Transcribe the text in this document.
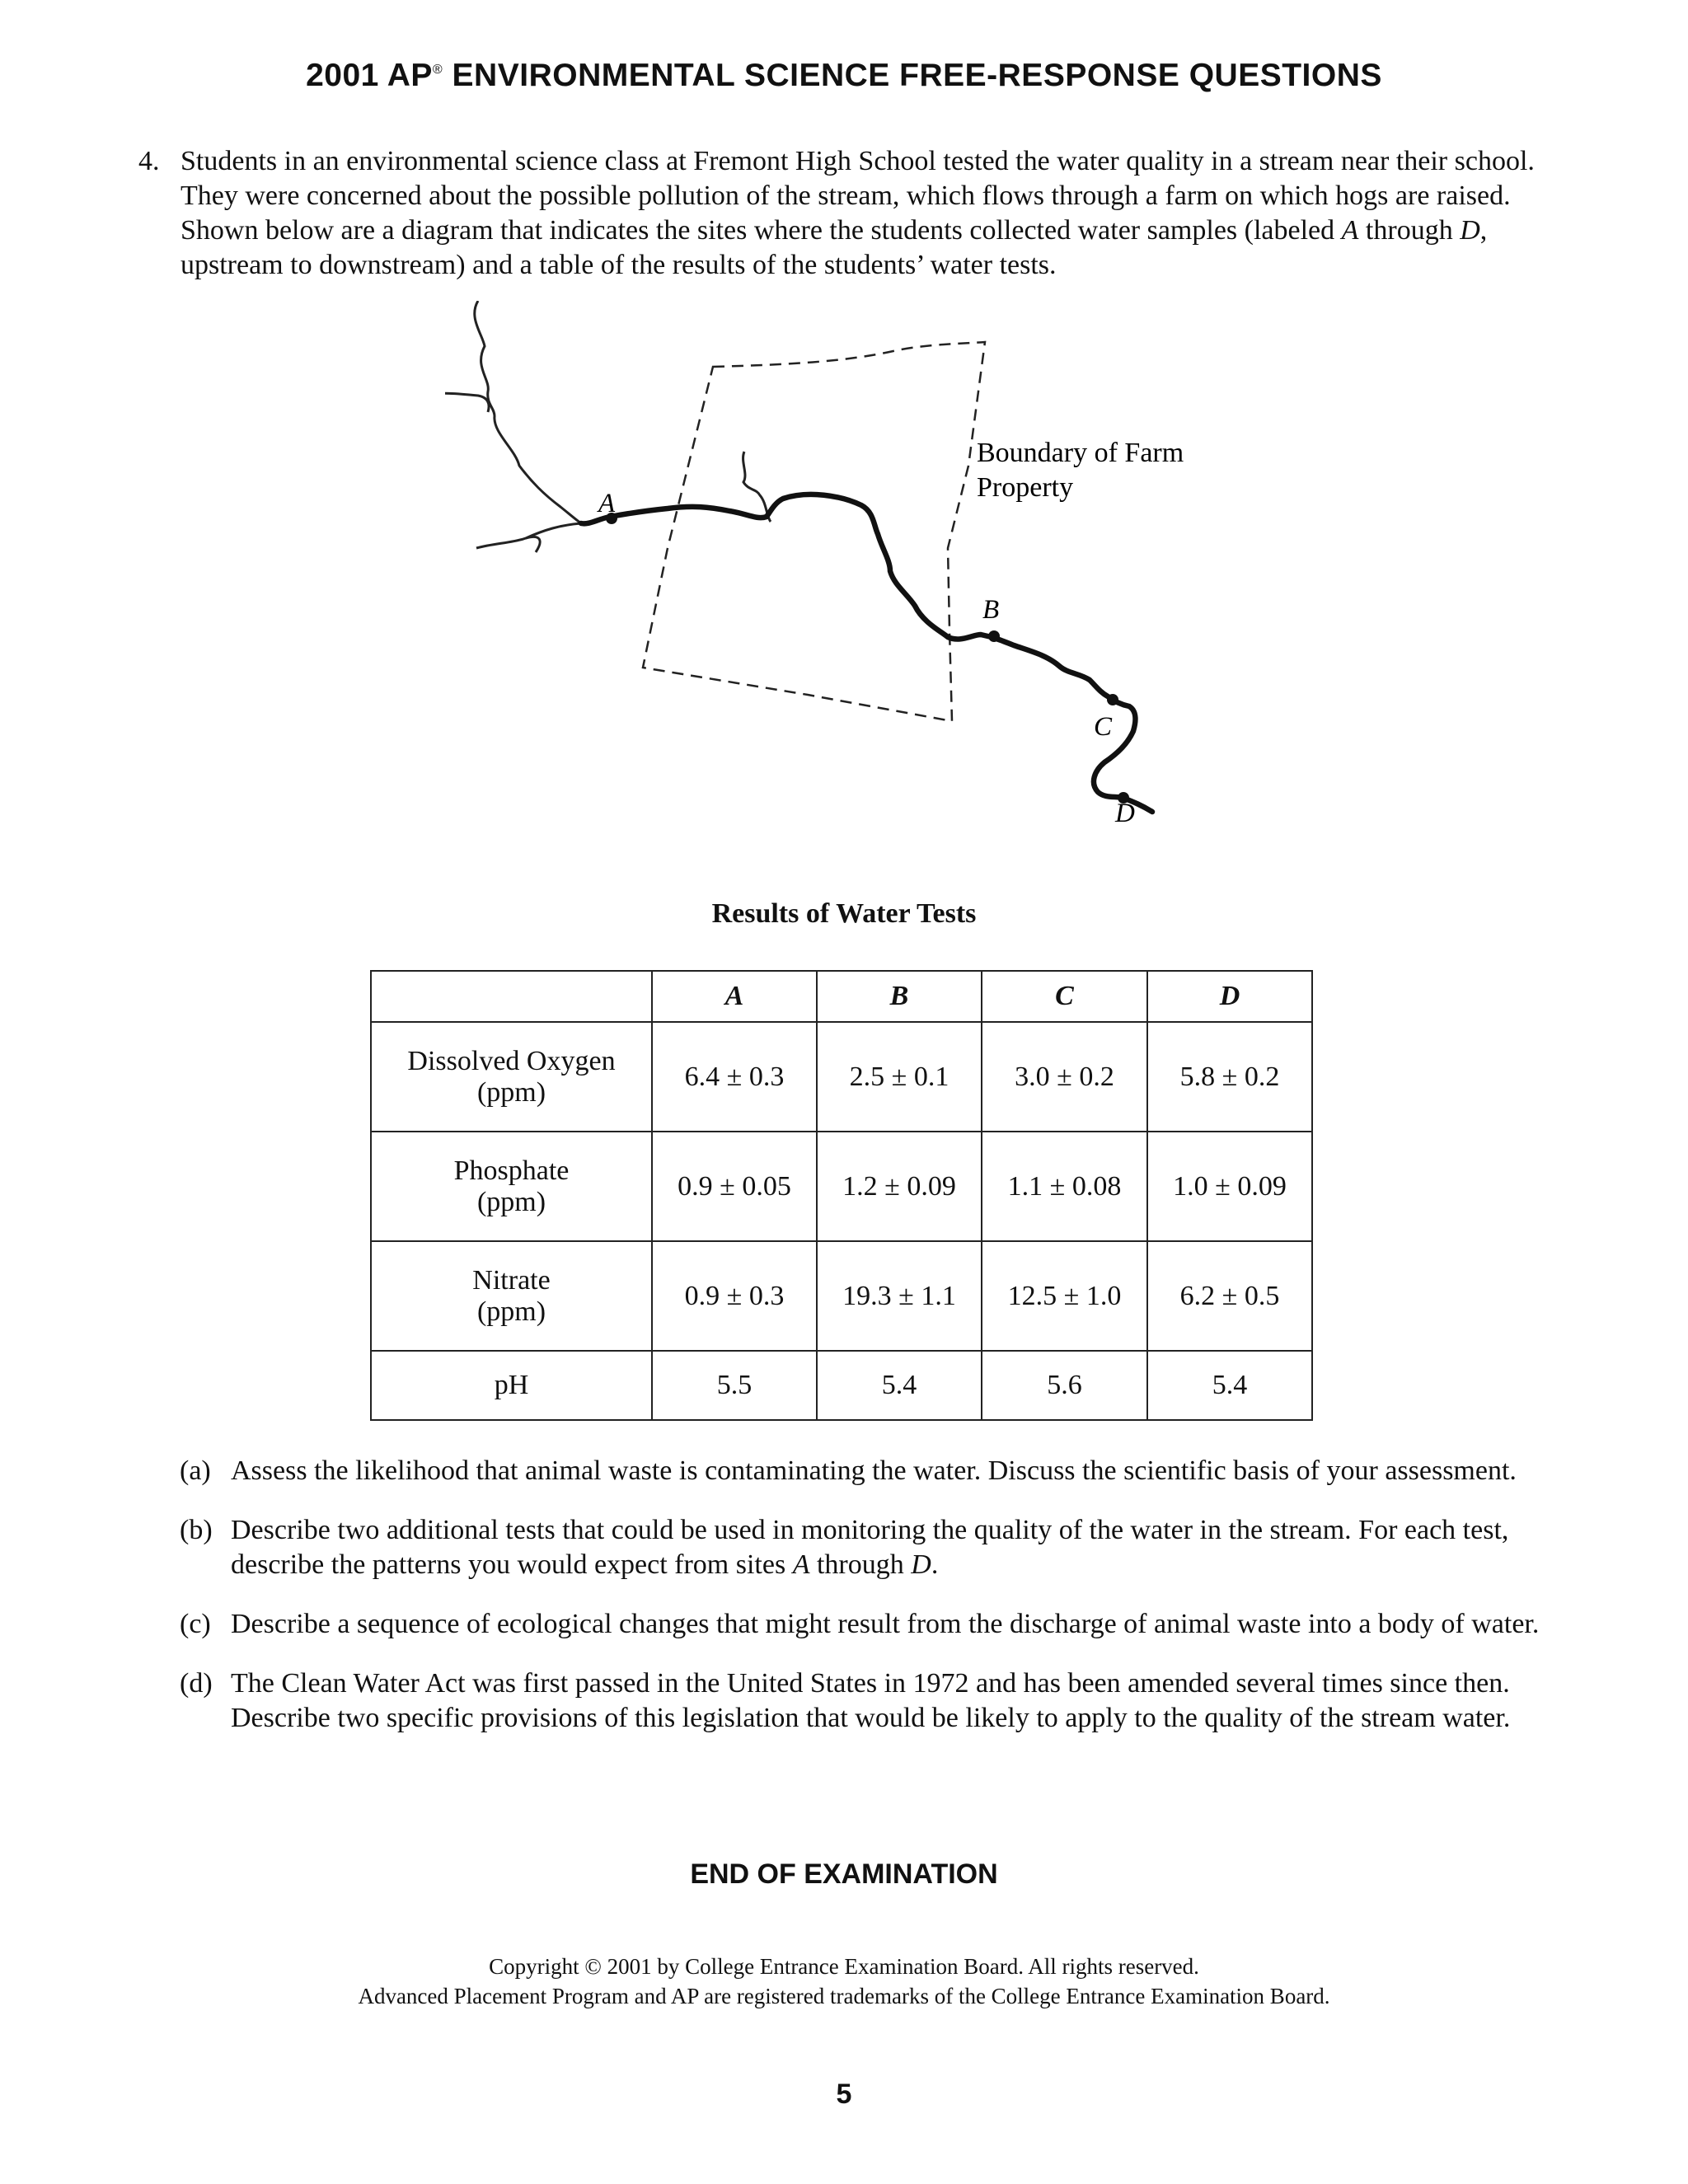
2001 AP® ENVIRONMENTAL SCIENCE FREE-RESPONSE QUESTIONS
4. Students in an environmental science class at Fremont High School tested the water quality in a stream near their school. They were concerned about the possible pollution of the stream, which flows through a farm on which hogs are raised. Shown below are a diagram that indicates the sites where the students collected water samples (labeled A through D, upstream to downstream) and a table of the results of the students’ water tests.
A
B
C
D
Boundary of Farm
Property
Results of Water Tests
	A	B	C	D

Dissolved Oxygen
(ppm)	6.4 ± 0.3	2.5 ± 0.1	3.0 ± 0.2	5.8 ± 0.2

Phosphate
(ppm)	0.9 ± 0.05	1.2 ± 0.09	1.1 ± 0.08	1.0 ± 0.09

Nitrate
(ppm)	0.9 ± 0.3	19.3 ± 1.1	12.5 ± 1.0	6.2 ± 0.5
pH	5.5	5.4	5.6	5.4
(a) Assess the likelihood that animal waste is contaminating the water. Discuss the scientific basis of your assessment.
(b) Describe two additional tests that could be used in monitoring the quality of the water in the stream. For each test, describe the patterns you would expect from sites A through D.
(c) Describe a sequence of ecological changes that might result from the discharge of animal waste into a body of water.
(d) The Clean Water Act was first passed in the United States in 1972 and has been amended several times since then. Describe two specific provisions of this legislation that would be likely to apply to the quality of the stream water.
END OF EXAMINATION
Copyright © 2001 by College Entrance Examination Board. All rights reserved.
Advanced Placement Program and AP are registered trademarks of the College Entrance Examination Board.
5
